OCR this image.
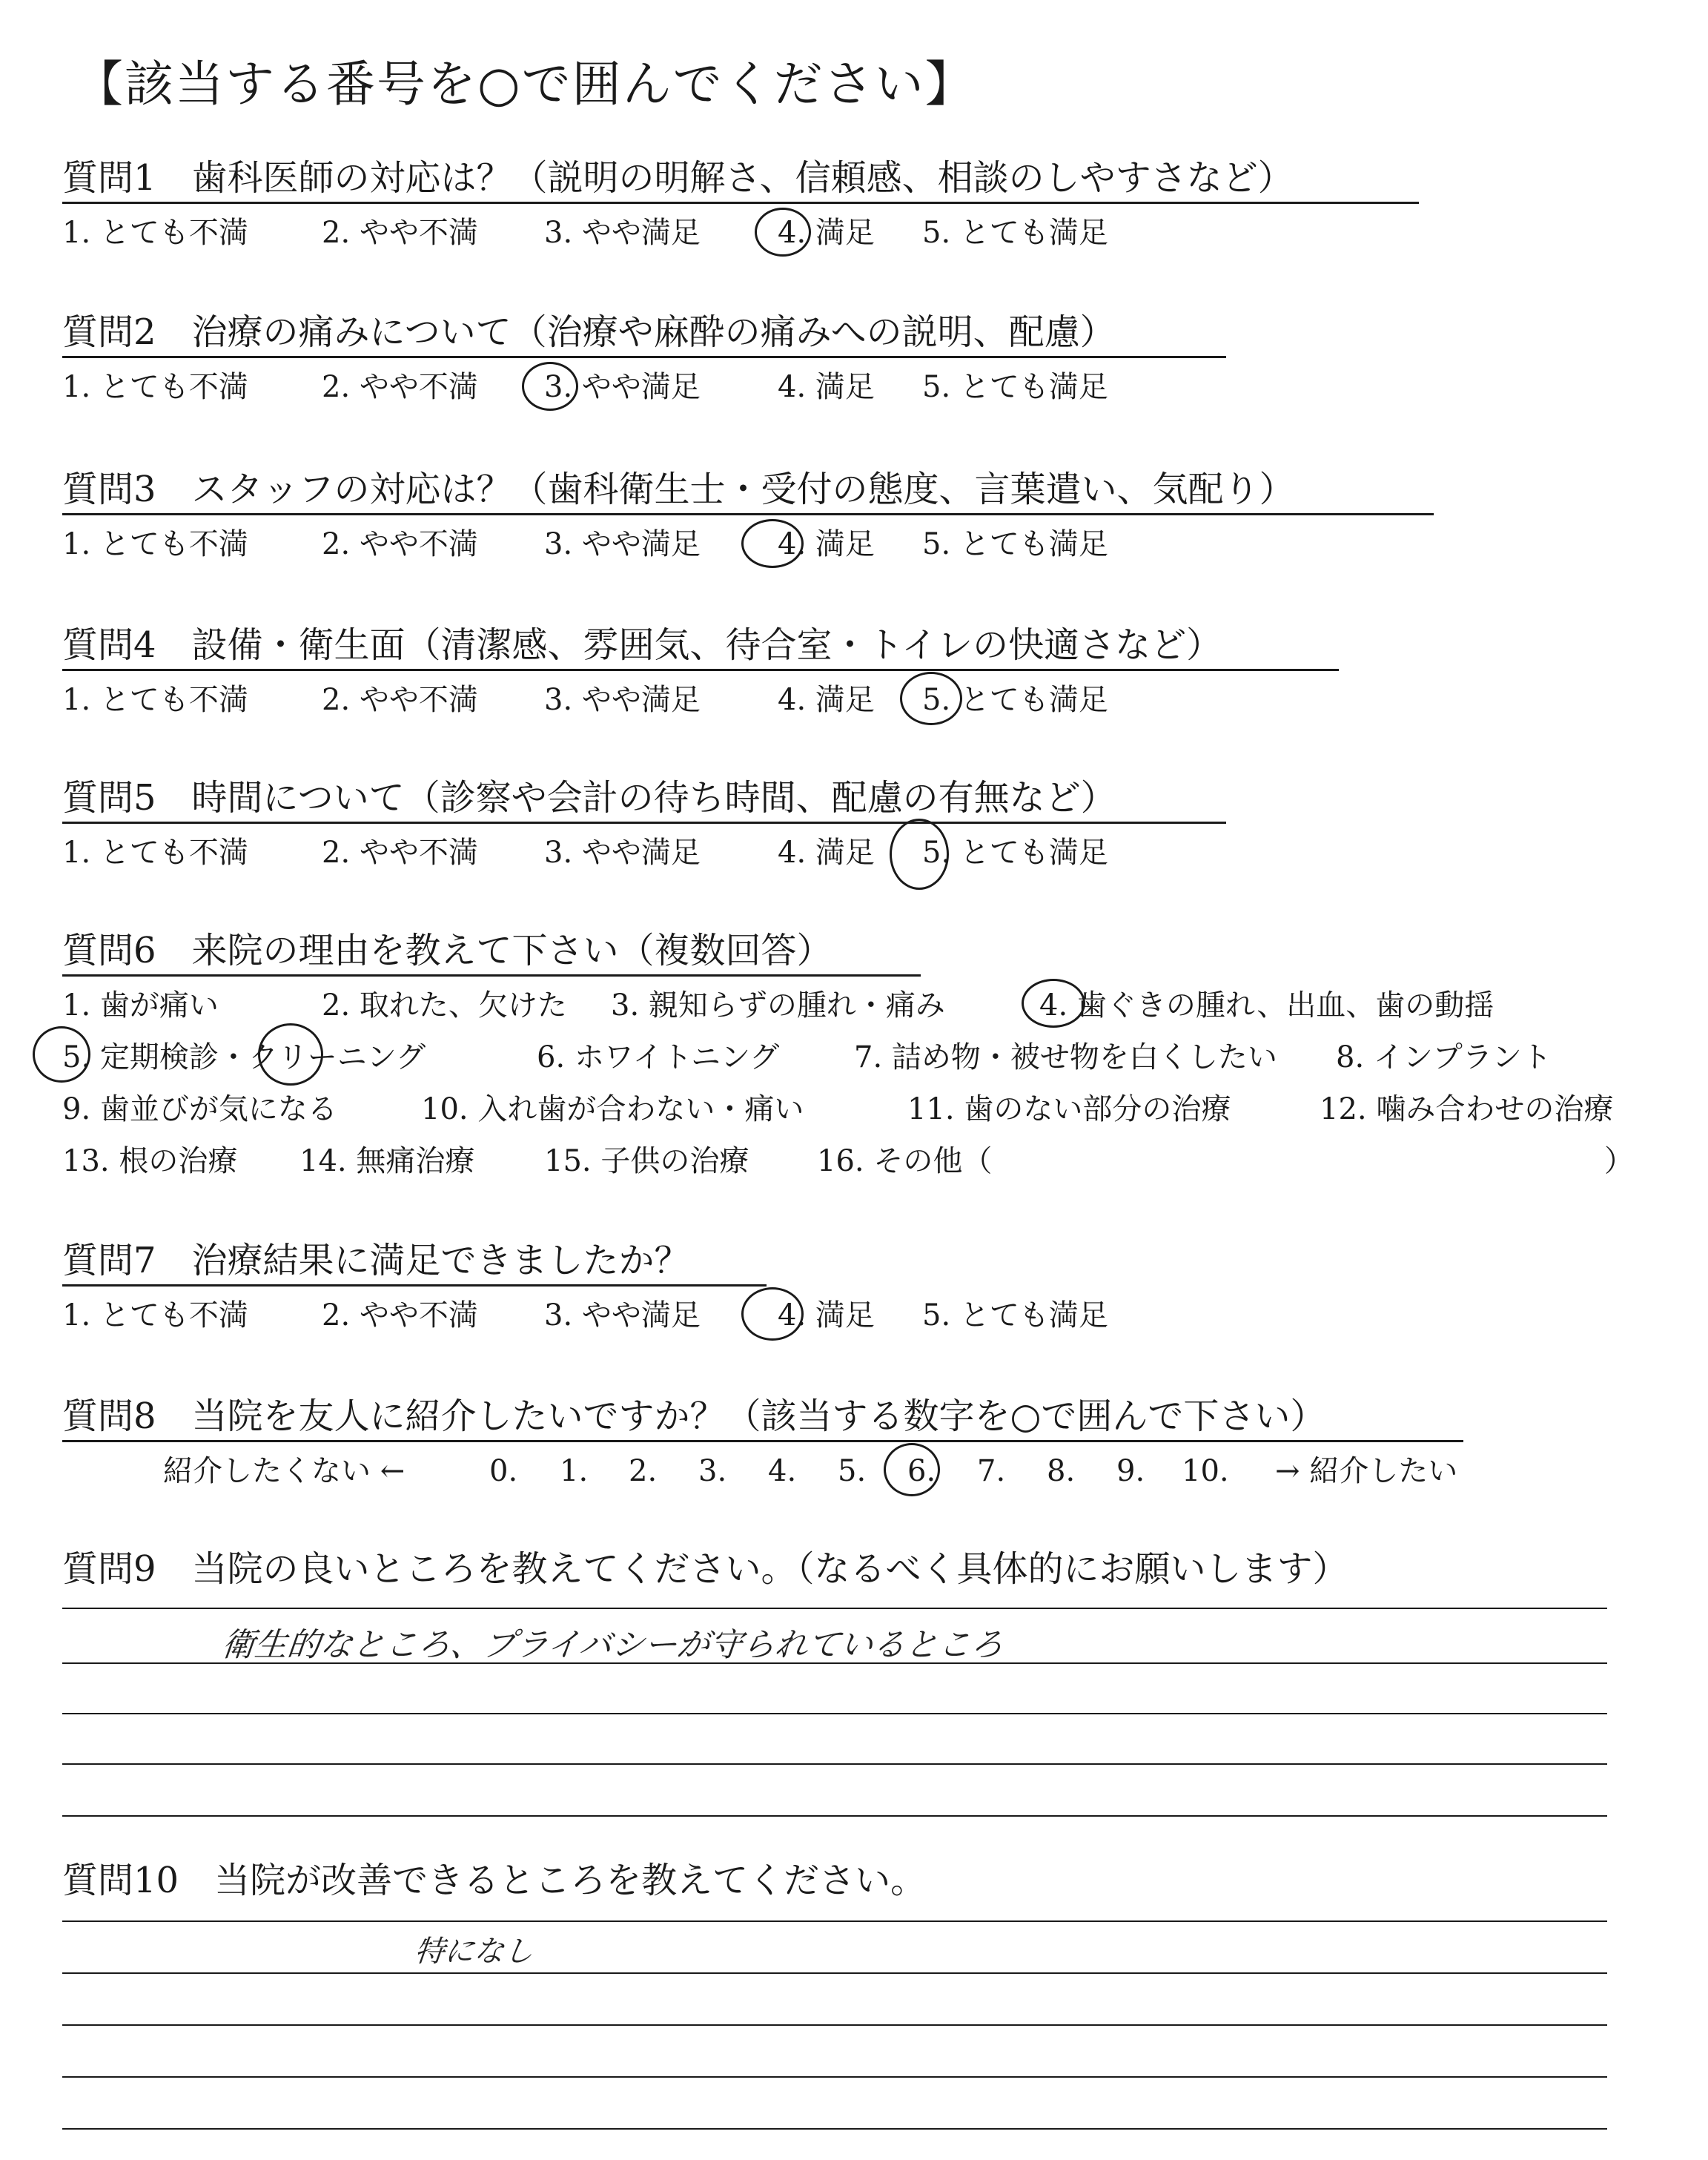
【該当する番号を○で囲んでください】
質問1　歯科医師の対応は？（説明の明解さ、信頼感、相談のしやすさなど）
1. とても不満 2. やや不満 3. やや満足	4. 満足 5. とても満足
質問2　治療の痛みについて（治療や麻酔の痛みへの説明、配慮）
1. とても不満 2. やや不満 3. やや満足	4. 満足 5. とても満足
質問3　スタッフの対応は？（歯科衛生士・受付の態度、言葉遣い、気配り）
1. とても不満 2. やや不満 3. やや満足	4. 満足 5. とても満足
質問4　設備・衛生面（清潔感、雰囲気、待合室・トイレの快適さなど）
1. とても不満 2. やや不満 3. やや満足	4. 満足 5. とても満足
質問5　時間について（診察や会計の待ち時間、配慮の有無など）
1. とても不満 2. やや不満 3. やや満足	4. 満足 5. とても満足
質問6　来院の理由を教えて下さい（複数回答）
1. 歯が痛い	2. 取れた、欠けた 3. 親知らずの腫れ・痛み	4. 歯ぐきの腫れ、出血、歯の動揺
5. 定期検診・クリーニング	6. ホワイトニング	7. 詰め物・被せ物を白くしたい 8. インプラント
9. 歯並びが気になる	10. 入れ歯が合わない・痛い	11. 歯のない部分の治療	12. 噛み合わせの治療
13. 根の治療 14. 無痛治療 15. 子供の治療 16. その他（	）
質問7　治療結果に満足できましたか？
1. とても不満 2. やや不満 3. やや満足	4. 満足 5. とても満足
質問8　当院を友人に紹介したいですか？（該当する数字を○で囲んで下さい）
紹介したくない ←	0. 1. 2. 3. 4. 5. 6. 7. 8. 9. 10. → 紹介したい
質問9　当院の良いところを教えてください。（なるべく具体的にお願いします）
衛生的なところ、プライバシーが守られているところ
質問10　当院が改善できるところを教えてください。
特になし
